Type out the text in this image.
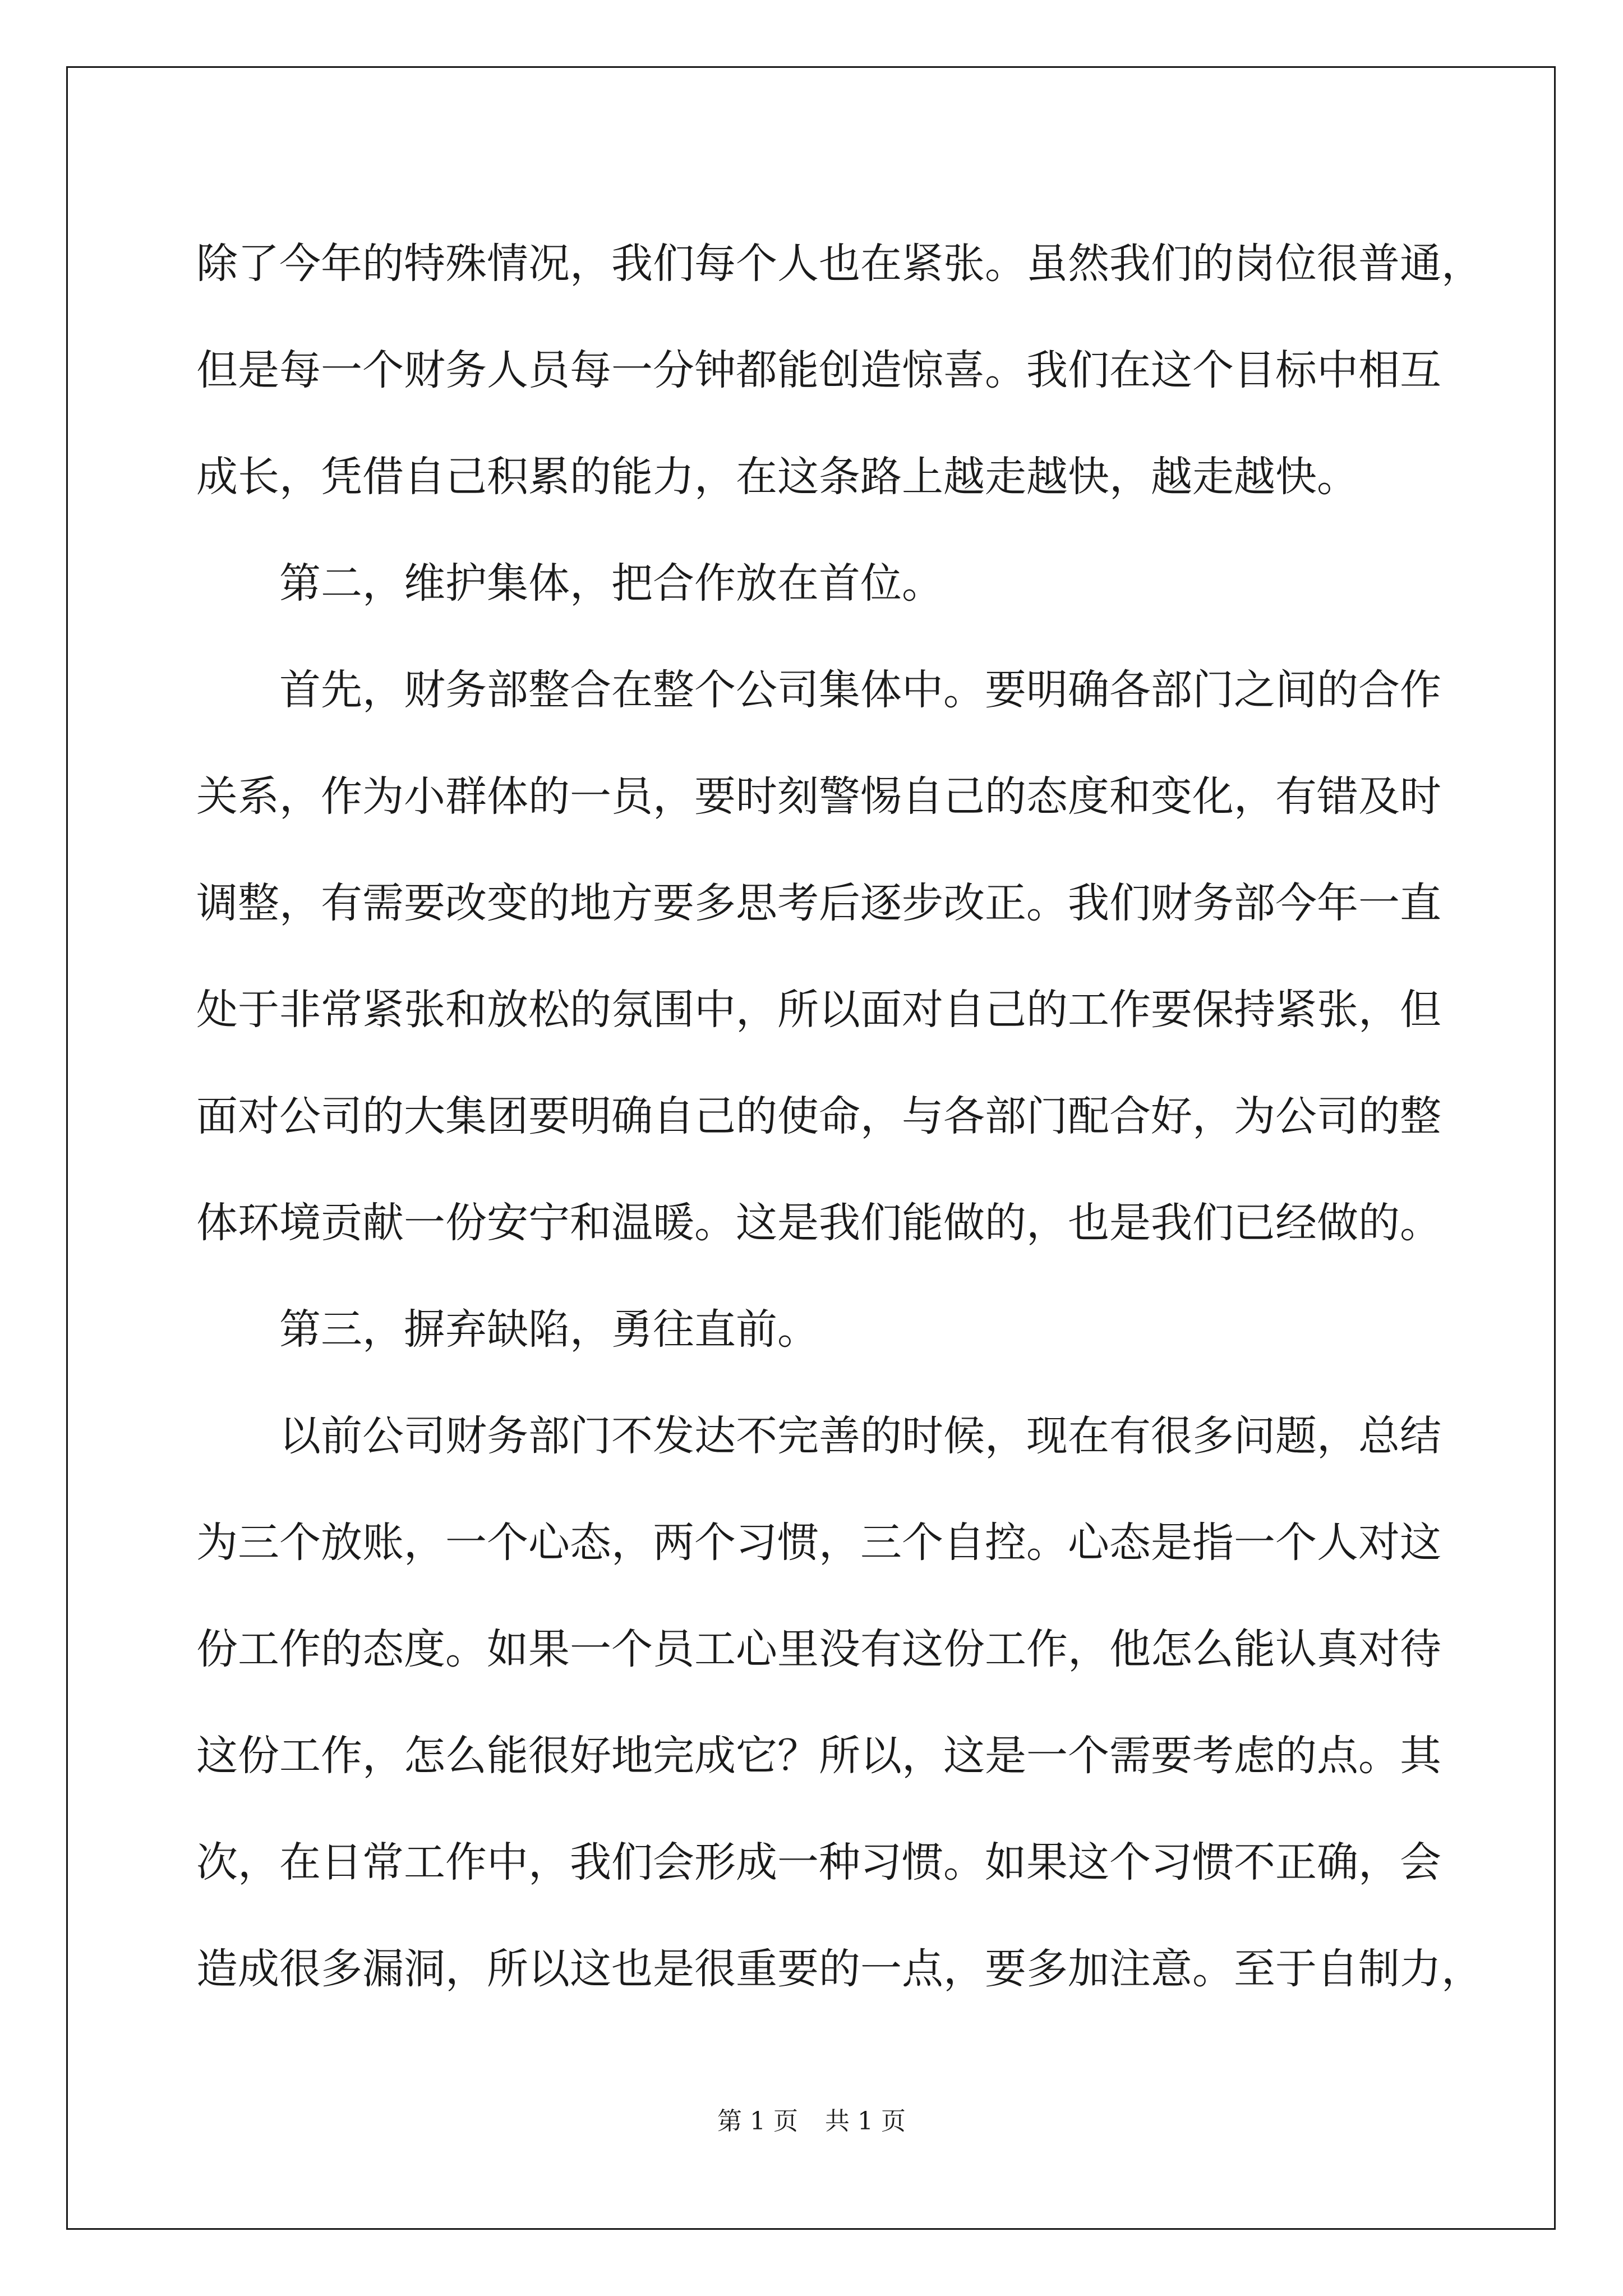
除了今年的特殊情况，我们每个人也在紧张。虽然我们的岗位很普通，
但是每一个财务人员每一分钟都能创造惊喜。我们在这个目标中相互
成长，凭借自己积累的能力，在这条路上越走越快，越走越快。
第二，维护集体，把合作放在首位。
首先，财务部整合在整个公司集体中。要明确各部门之间的合作
关系，作为小群体的一员，要时刻警惕自己的态度和变化，有错及时
调整，有需要改变的地方要多思考后逐步改正。我们财务部今年一直
处于非常紧张和放松的氛围中，所以面对自己的工作要保持紧张，但
面对公司的大集团要明确自己的使命，与各部门配合好，为公司的整
体环境贡献一份安宁和温暖。这是我们能做的，也是我们已经做的。
第三，摒弃缺陷，勇往直前。
以前公司财务部门不发达不完善的时候，现在有很多问题，总结
为三个放账，一个心态，两个习惯，三个自控。心态是指一个人对这
份工作的态度。如果一个员工心里没有这份工作，他怎么能认真对待
这份工作，怎么能很好地完成它？所以，这是一个需要考虑的点。其
次，在日常工作中，我们会形成一种习惯。如果这个习惯不正确，会
造成很多漏洞，所以这也是很重要的一点，要多加注意。至于自制力，
第 1 页 共 1 页
